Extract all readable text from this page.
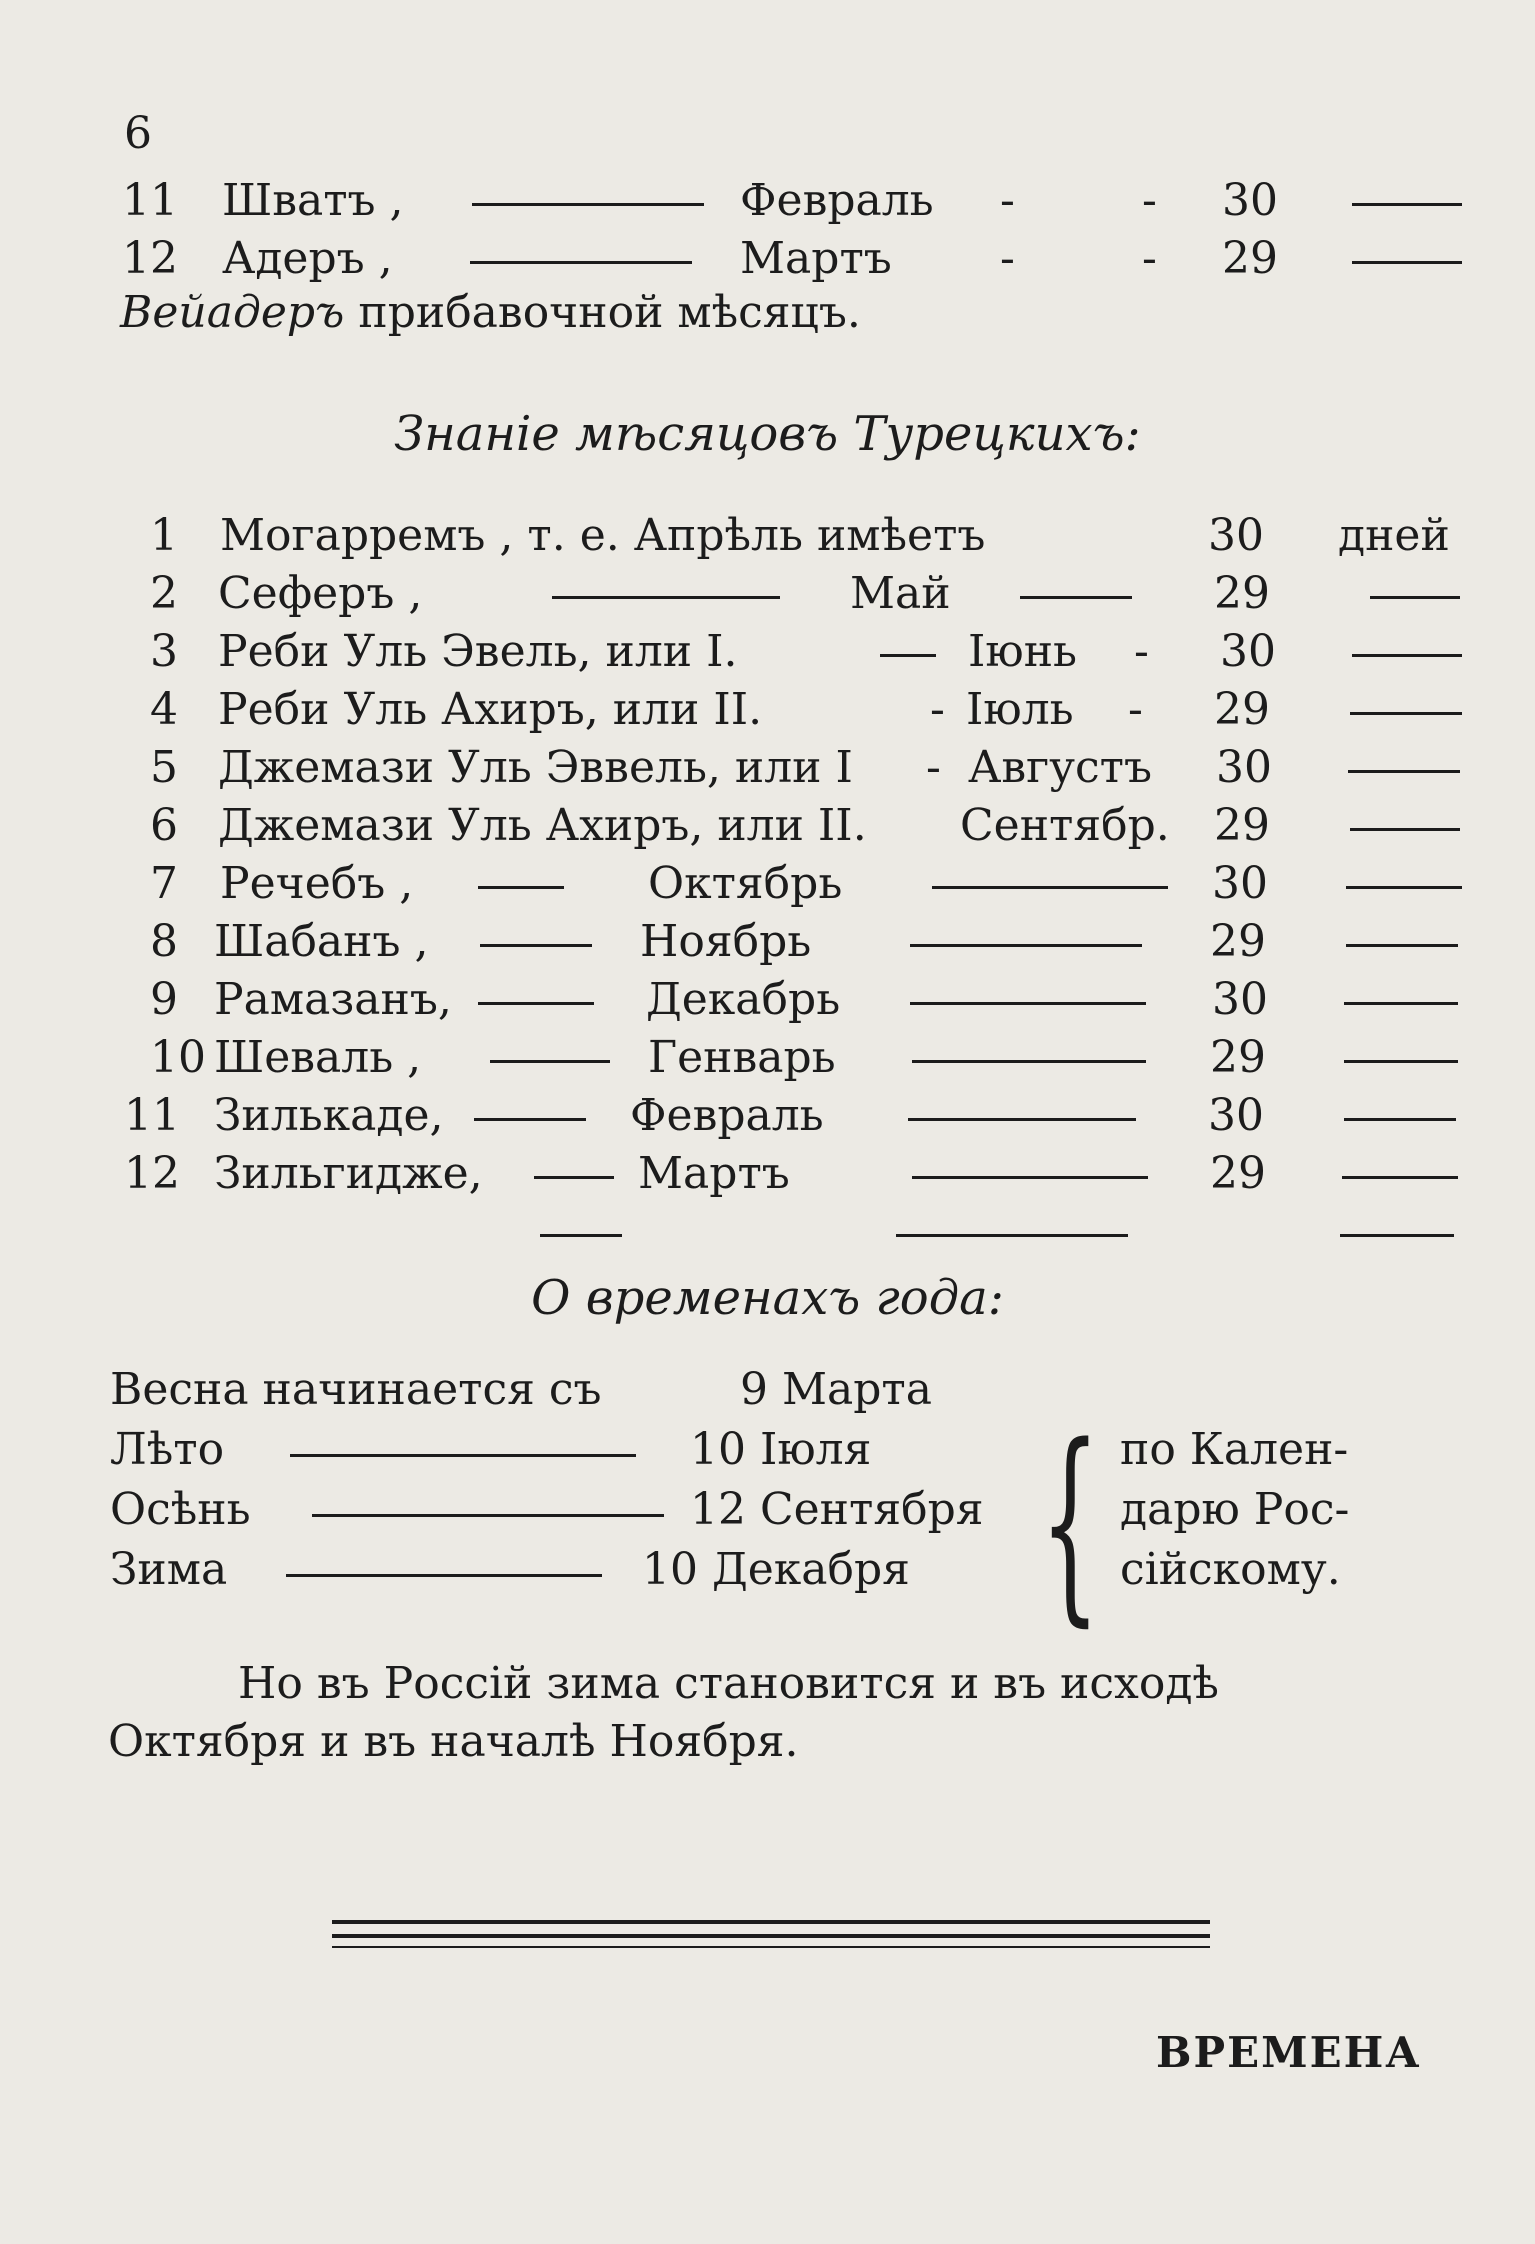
6
11 Шватъ ,	Февраль -	- 30
12 Адеръ ,	Мартъ -	- 29
Вейадеръ прибавочной мѣсяцъ.
Знаніе мѣсяцовъ Турецкихъ:
1 Могарремъ , т. е. Апрѣль имѣетъ	30 дней
2 Сеферъ ,	Май	29
3 Реби Уль Эвель, или I.	Іюнь - 30
4 Реби Уль Ахиръ, или II.	- Іюль - 29
5 Джемази Уль Эввель, или I - Августъ 30
6 Джемази Уль Ахиръ, или II. Сентябр. 29
7 Речебъ ,	Октябрь	30
8 Шабанъ ,	Ноябрь	29
9 Рамазанъ,	Декабрь	30
10 Шеваль ,	Генварь	29
11 Зилькаде,	Февраль	30
12 Зильгидже,	Мартъ	29
О временахъ года:
Весна начинается съ	9 Марта
Лѣто	10 Іюля
Осѣнь	12 Сентября
Зима	10 Декабря { по Кален-
дарю Рос-
сійскому.
Но въ Россій зима становится и въ исходѣ
Октября и въ началѣ Ноября.
ВРЕМЕНА
